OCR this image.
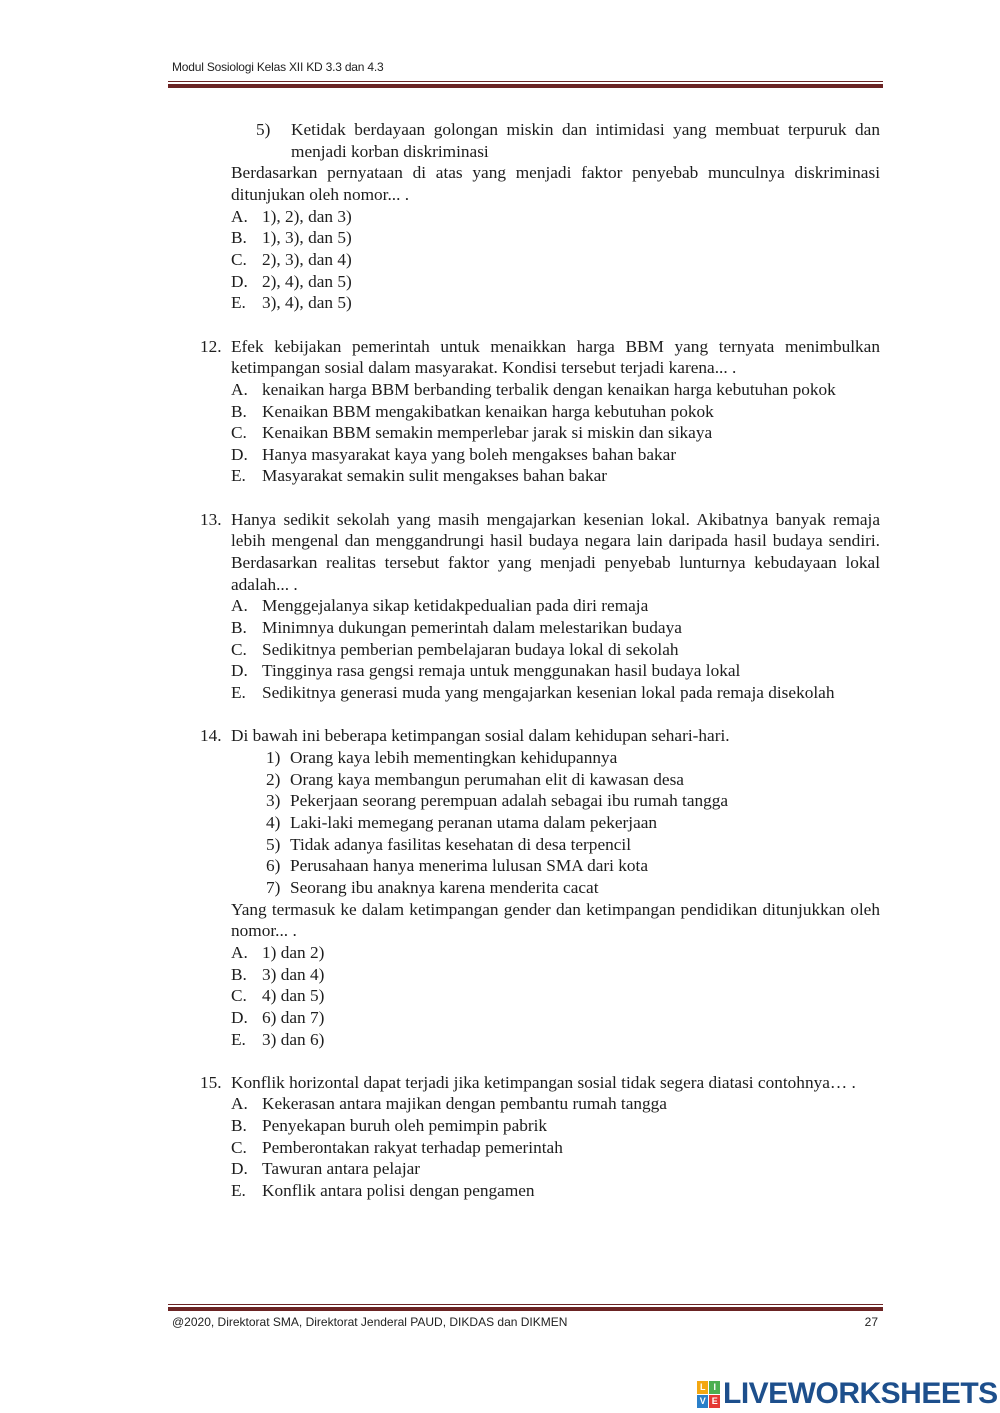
Modul Sosiologi Kelas XII KD 3.3 dan 4.3
5) Ketidak berdayaan golongan miskin dan intimidasi yang membuat terpuruk dan menjadi korban diskriminasi
Berdasarkan pernyataan di atas yang menjadi faktor penyebab munculnya diskriminasi ditunjukan oleh nomor... .
A. 1), 2), dan 3)
B. 1), 3), dan 5)
C. 2), 3), dan 4)
D. 2), 4), dan 5)
E. 3), 4), dan 5)
12. Efek kebijakan pemerintah untuk menaikkan harga BBM yang ternyata menimbulkan ketimpangan sosial dalam masyarakat. Kondisi tersebut terjadi karena... .
A. kenaikan harga BBM berbanding terbalik dengan kenaikan harga kebutuhan pokok
B. Kenaikan BBM mengakibatkan kenaikan harga kebutuhan pokok
C. Kenaikan BBM semakin memperlebar jarak si miskin dan sikaya
D. Hanya masyarakat kaya yang boleh mengakses bahan bakar
E. Masyarakat semakin sulit mengakses bahan bakar
13. Hanya sedikit sekolah yang masih mengajarkan kesenian lokal. Akibatnya banyak remaja lebih mengenal dan menggandrungi hasil budaya negara lain daripada hasil budaya sendiri. Berdasarkan realitas tersebut faktor yang menjadi penyebab lunturnya kebudayaan lokal adalah... .
A. Menggejalanya sikap ketidakpedualian pada diri remaja
B. Minimnya dukungan pemerintah dalam melestarikan budaya
C. Sedikitnya pemberian pembelajaran budaya lokal di sekolah
D. Tingginya rasa gengsi remaja untuk menggunakan hasil budaya lokal
E. Sedikitnya generasi muda yang mengajarkan kesenian lokal pada remaja disekolah
14. Di bawah ini beberapa ketimpangan sosial dalam kehidupan sehari-hari.
1) Orang kaya lebih mementingkan kehidupannya
2) Orang kaya membangun perumahan elit di kawasan desa
3) Pekerjaan seorang perempuan adalah sebagai ibu rumah tangga
4) Laki-laki memegang peranan utama dalam pekerjaan
5) Tidak adanya fasilitas kesehatan di desa terpencil
6) Perusahaan hanya menerima lulusan SMA dari kota
7) Seorang ibu anaknya karena menderita cacat
Yang termasuk ke dalam ketimpangan gender dan ketimpangan pendidikan ditunjukkan oleh nomor... .
A. 1) dan 2)
B. 3) dan 4)
C. 4) dan 5)
D. 6) dan 7)
E. 3) dan 6)
15. Konflik horizontal dapat terjadi jika ketimpangan sosial tidak segera diatasi contohnya… .
A. Kekerasan antara majikan dengan pembantu rumah tangga
B. Penyekapan buruh oleh pemimpin pabrik
C. Pemberontakan rakyat terhadap pemerintah
D. Tawuran antara pelajar
E. Konflik antara polisi dengan pengamen
@2020, Direktorat SMA, Direktorat Jenderal PAUD, DIKDAS dan DIKMEN	27
L I
V E LIVEWORKSHEETS
